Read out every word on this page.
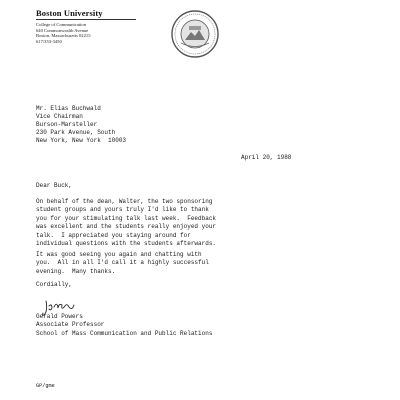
Boston University
College of Communication
640 Commonwealth Avenue
Boston, Massachusetts 02215
617/353-3450
Mr. Elias Buchwald
Vice Chairman
Burson-Marsteller
230 Park Avenue, South
New York, New York  10003
April 20, 1988
Dear Buck,
On behalf of the dean, Walter, the two sponsoring
student groups and yours truly I'd like to thank
you for your stimulating talk last week.  Feedback
was excellent and the students really enjoyed your
talk.  I appreciated you staying around for
individual questions with the students afterwards.
It was good seeing you again and chatting with
you.  All in all I'd call it a highly successful
evening.  Many thanks.
Cordially,
Gerald Powers
Associate Professor
School of Mass Communication and Public Relations
GP/gme
